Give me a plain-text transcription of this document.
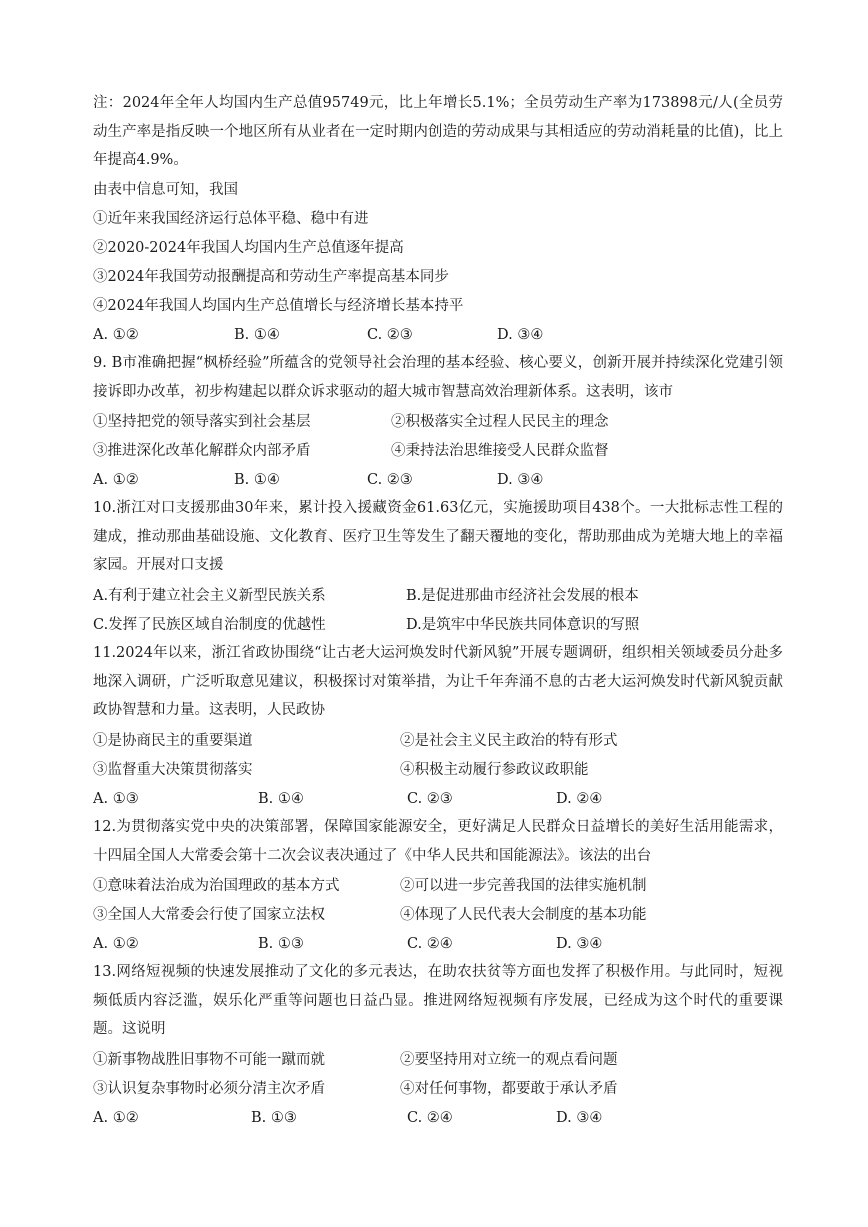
注：2024年全年人均国内生产总值95749元，比上年增长5.1%；全员劳动生产率为173898元/人(全员劳动生产率是指反映一个地区所有从业者在一定时期内创造的劳动成果与其相适应的劳动消耗量的比值)，比上年提高4.9%。

由表中信息可知，我国
①近年来我国经济运行总体平稳、稳中有进
②2020-2024年我国人均国内生产总值逐年提高
③2024年我国劳动报酬提高和劳动生产率提高基本同步
④2024年我国人均国内生产总值增长与经济增长基本持平
A. ①②	B. ①④	C. ②③	D. ③④

9. B市准确把握“枫桥经验”所蕴含的党领导社会治理的基本经验、核心要义，创新开展并持续深化党建引领接诉即办改革，初步构建起以群众诉求驱动的超大城市智慧高效治理新体系。这表明，该市

①坚持把党的领导落实到社会基层	②积极落实全过程人民民主的理念
③推进深化改革化解群众内部矛盾	④秉持法治思维接受人民群众监督
A. ①②	B. ①④	C. ②③	D. ③④

10.浙江对口支援那曲30年来，累计投入援藏资金61.63亿元，实施援助项目438个。一大批标志性工程的建成，推动那曲基础设施、文化教育、医疗卫生等发生了翻天覆地的变化，帮助那曲成为羌塘大地上的幸福家园。开展对口支援

A.有利于建立社会主义新型民族关系	B.是促进那曲市经济社会发展的根本
C.发挥了民族区域自治制度的优越性	D.是筑牢中华民族共同体意识的写照

11.2024年以来，浙江省政协围绕“让古老大运河焕发时代新风貌”开展专题调研，组织相关领域委员分赴多地深入调研，广泛听取意见建议，积极探讨对策举措，为让千年奔涌不息的古老大运河焕发时代新风貌贡献政协智慧和力量。这表明，人民政协

①是协商民主的重要渠道	②是社会主义民主政治的特有形式
③监督重大决策贯彻落实	④积极主动履行参政议政职能
A. ①③	B. ①④	C. ②③	D. ②④

12.为贯彻落实党中央的决策部署，保障国家能源安全，更好满足人民群众日益增长的美好生活用能需求，十四届全国人大常委会第十二次会议表决通过了《中华人民共和国能源法》。该法的出台

①意味着法治成为治国理政的基本方式	②可以进一步完善我国的法律实施机制
③全国人大常委会行使了国家立法权	④体现了人民代表大会制度的基本功能
A. ①②	B. ①③	C. ②④	D. ③④

13.网络短视频的快速发展推动了文化的多元表达，在助农扶贫等方面也发挥了积极作用。与此同时，短视频低质内容泛滥，娱乐化严重等问题也日益凸显。推进网络短视频有序发展，已经成为这个时代的重要课题。这说明

①新事物战胜旧事物不可能一蹴而就	②要坚持用对立统一的观点看问题
③认识复杂事物时必须分清主次矛盾	④对任何事物，都要敢于承认矛盾
A. ①②	B. ①③	C. ②④	D. ③④
